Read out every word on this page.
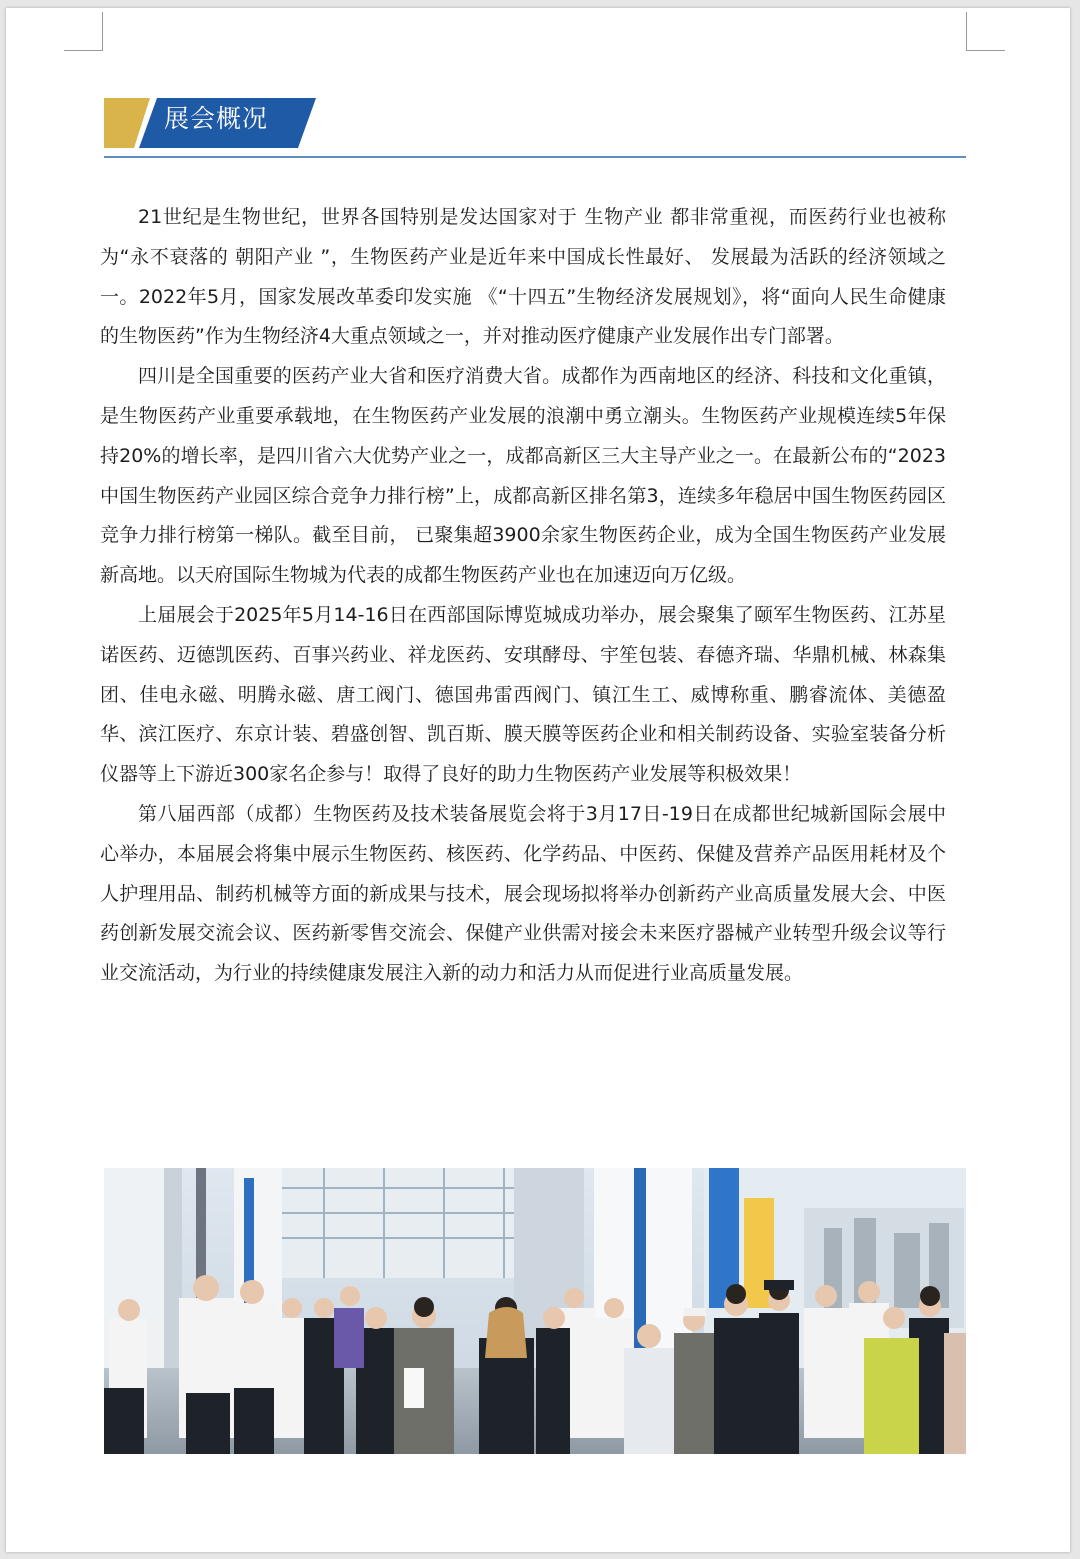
展会概况

21世纪是生物世纪，世界各国特别是发达国家对于 生物产业 都非常重视，而医药行业也被称为“永不衰落的 朝阳产业 ”，生物医药产业是近年来中国成长性最好、 发展最为活跃的经济领域之一。2022年5月，国家发展改革委印发实施 《“十四五”生物经济发展规划》，将“面向人民生命健康的生物医药”作为生物经济4大重点领域之一，并对推动医疗健康产业发展作出专门部署。

四川是全国重要的医药产业大省和医疗消费大省。成都作为西南地区的经济、科技和文化重镇，是生物医药产业重要承载地，在生物医药产业发展的浪潮中勇立潮头。生物医药产业规模连续5年保持20%的增长率，是四川省六大优势产业之一，成都高新区三大主导产业之一。在最新公布的“2023 中国生物医药产业园区综合竞争力排行榜”上，成都高新区排名第3，连续多年稳居中国生物医药园区竞争力排行榜第一梯队。截至目前， 已聚集超3900余家生物医药企业，成为全国生物医药产业发展新高地。以天府国际生物城为代表的成都生物医药产业也在加速迈向万亿级。

上届展会于2025年5月14-16日在西部国际博览城成功举办，展会聚集了颐军生物医药、江苏星诺医药、迈德凯医药、百事兴药业、祥龙医药、安琪酵母、宇笙包装、春德齐瑞、华鼎机械、林森集团、佳电永磁、明腾永磁、唐工阀门、德国弗雷西阀门、镇江生工、威博称重、鹏睿流体、美德盈华、滨江医疗、东京计装、碧盛创智、凯百斯、膜天膜等医药企业和相关制药设备、实验室装备分析仪器等上下游近300家名企参与！取得了良好的助力生物医药产业发展等积极效果！

第八届西部（成都）生物医药及技术装备展览会将于3月17日-19日在成都世纪城新国际会展中心举办，本届展会将集中展示生物医药、核医药、化学药品、中医药、保健及营养产品医用耗材及个人护理用品、制药机械等方面的新成果与技术，展会现场拟将举办创新药产业高质量发展大会、中医药创新发展交流会议、医药新零售交流会、保健产业供需对接会未来医疗器械产业转型升级会议等行业交流活动，为行业的持续健康发展注入新的动力和活力从而促进行业高质量发展。
